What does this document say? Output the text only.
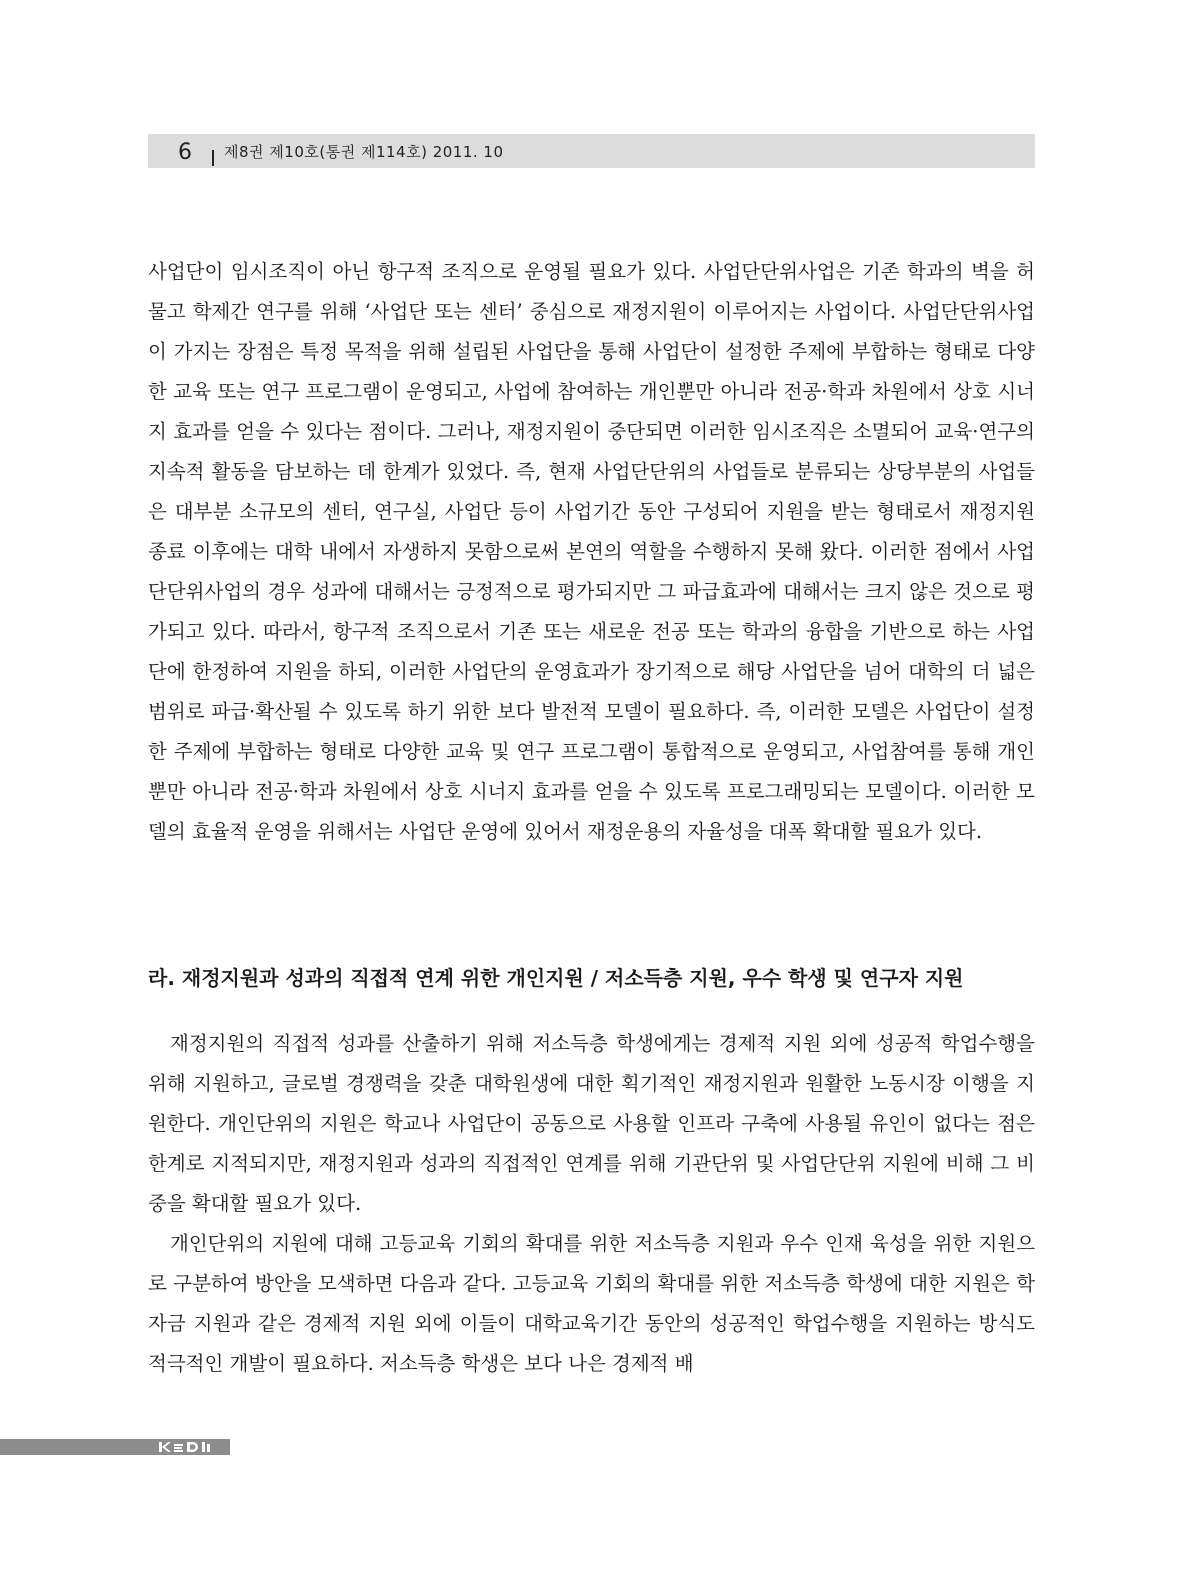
6 제8권 제10호(통권 제114호) 2011. 10

사업단이 임시조직이 아닌 항구적 조직으로 운영될 필요가 있다. 사업단단위사업은 기존 학과의 벽을 허물고 학제간 연구를 위해 ‘사업단 또는 센터’ 중심으로 재정지원이 이루어지는 사업이다. 사업단단위사업이 가지는 장점은 특정 목적을 위해 설립된 사업단을 통해 사업단이 설정한 주제에 부합하는 형태로 다양한 교육 또는 연구 프로그램이 운영되고, 사업에 참여하는 개인뿐만 아니라 전공·학과 차원에서 상호 시너지 효과를 얻을 수 있다는 점이다. 그러나, 재정지원이 중단되면 이러한 임시조직은 소멸되어 교육·연구의 지속적 활동을 담보하는 데 한계가 있었다. 즉, 현재 사업단단위의 사업들로 분류되는 상당부분의 사업들은 대부분 소규모의 센터, 연구실, 사업단 등이 사업기간 동안 구성되어 지원을 받는 형태로서 재정지원 종료 이후에는 대학 내에서 자생하지 못함으로써 본연의 역할을 수행하지 못해 왔다. 이러한 점에서 사업단단위사업의 경우 성과에 대해서는 긍정적으로 평가되지만 그 파급효과에 대해서는 크지 않은 것으로 평가되고 있다. 따라서, 항구적 조직으로서 기존 또는 새로운 전공 또는 학과의 융합을 기반으로 하는 사업단에 한정하여 지원을 하되, 이러한 사업단의 운영효과가 장기적으로 해당 사업단을 넘어 대학의 더 넓은 범위로 파급·확산될 수 있도록 하기 위한 보다 발전적 모델이 필요하다. 즉, 이러한 모델은 사업단이 설정한 주제에 부합하는 형태로 다양한 교육 및 연구 프로그램이 통합적으로 운영되고, 사업참여를 통해 개인뿐만 아니라 전공·학과 차원에서 상호 시너지 효과를 얻을 수 있도록 프로그래밍되는 모델이다. 이러한 모델의 효율적 운영을 위해서는 사업단 운영에 있어서 재정운용의 자율성을 대폭 확대할 필요가 있다.

라. 재정지원과 성과의 직접적 연계 위한 개인지원 / 저소득층 지원, 우수 학생 및 연구자 지원

재정지원의 직접적 성과를 산출하기 위해 저소득층 학생에게는 경제적 지원 외에 성공적 학업수행을 위해 지원하고, 글로벌 경쟁력을 갖춘 대학원생에 대한 획기적인 재정지원과 원활한 노동시장 이행을 지원한다. 개인단위의 지원은 학교나 사업단이 공동으로 사용할 인프라 구축에 사용될 유인이 없다는 점은 한계로 지적되지만, 재정지원과 성과의 직접적인 연계를 위해 기관단위 및 사업단단위 지원에 비해 그 비중을 확대할 필요가 있다.

개인단위의 지원에 대해 고등교육 기회의 확대를 위한 저소득층 지원과 우수 인재 육성을 위한 지원으로 구분하여 방안을 모색하면 다음과 같다. 고등교육 기회의 확대를 위한 저소득층 학생에 대한 지원은 학자금 지원과 같은 경제적 지원 외에 이들이 대학교육기간 동안의 성공적인 학업수행을 지원하는 방식도 적극적인 개발이 필요하다. 저소득층 학생은 보다 나은 경제적 배
